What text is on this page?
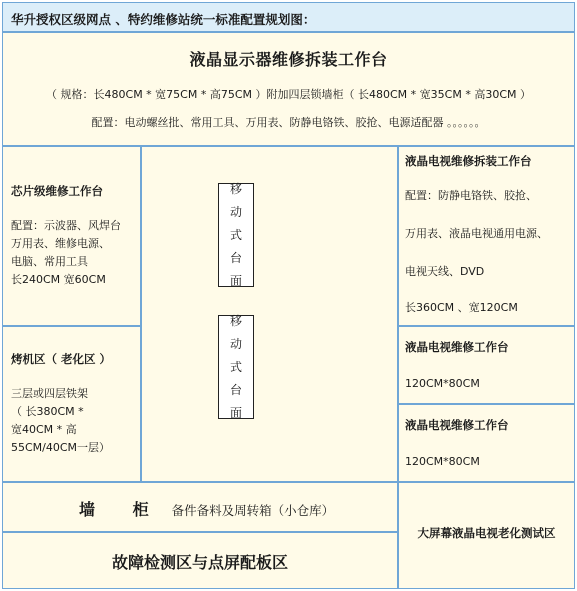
华升授权区级网点 、特约维修站统一标准配置规划图：
液晶显示器维修拆装工作台
（ 规格：长480CM * 宽75CM * 高75CM ）附加四层锁墙柜（ 长480CM * 宽35CM * 高30CM ）
配置：电动螺丝批、常用工具、万用表、防静电铬铁、胶抢、电源适配器 。。。。。。
芯片级维修工作台
配置：示波器、风焊台
万用表、维修电源、
电脑、常用工具
长240CM 宽60CM
烤机区（ 老化区 ）
三层或四层铁架
（ 长380CM *
宽40CM * 高
55CM/40CM一层）
移
动
式
台
面
移
动
式
台
面
液晶电视维修拆装工作台
配置：防静电铬铁、胶抢、
万用表、液晶电视通用电源、
电视天线、DVD
长360CM 、宽120CM
液晶电视维修工作台
120CM*80CM
液晶电视维修工作台
120CM*80CM
墙 柜 备件备料及周转箱（小仓库）
故障检测区与点屏配板区
大屏幕液晶电视老化测试区
